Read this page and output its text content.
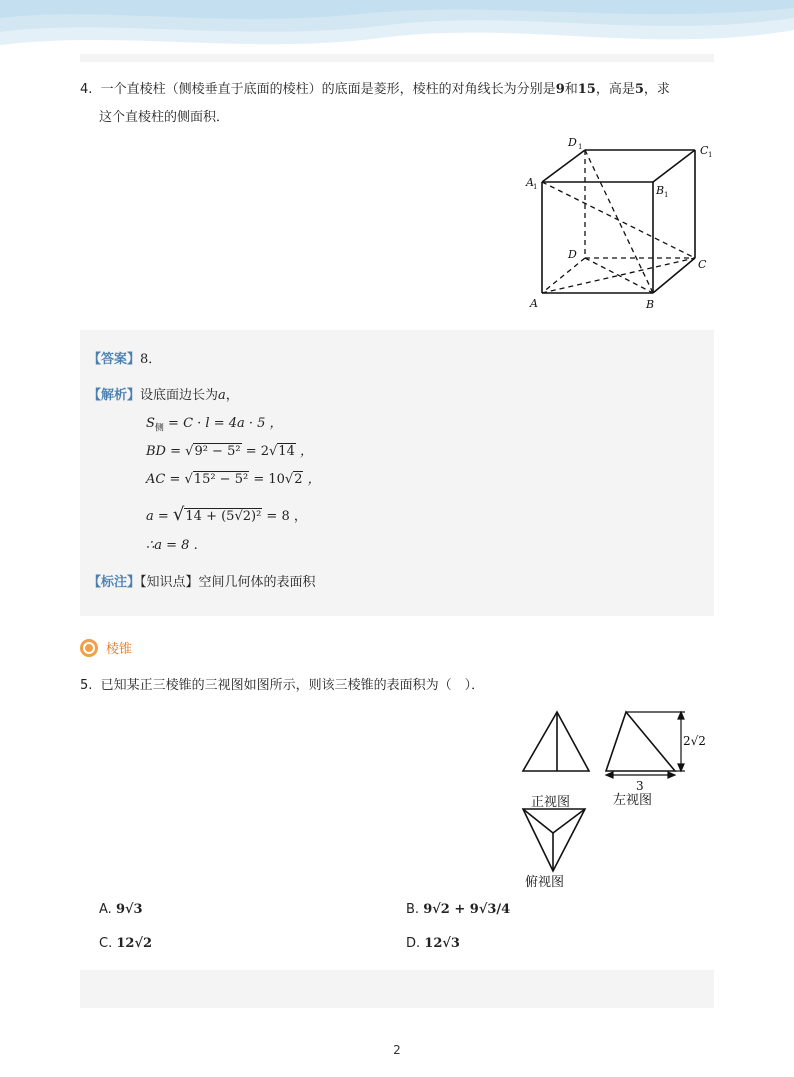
4. 一个直棱柱（侧棱垂直于底面的棱柱）的底面是菱形，棱柱的对角线长为分别是9和15，高是5，求
这个直棱柱的侧面积．
D 1	C 1
A 1	B 1
D
C
A	B
【答案】8．
【解析】设底面边长为a，
$S_侧 = C \cdot l = 4a \cdot 5$ ，
BD = √9² − 5² = 2√14 ，
AC = √15² − 5² = 10√2 ，
a = √14 + (5√2)² = 8 ，
∴a = 8 .
【标注】【知识点】空间几何体的表面积
棱锥
5. 已知某正三棱锥的三视图如图所示，则该三棱锥的表面积为（　）．
2√2
3
正视图	左视图
俯视图
A. 9√3	B. 9√2 + 9√3/4
C. 12√2	D. 12√3
2
